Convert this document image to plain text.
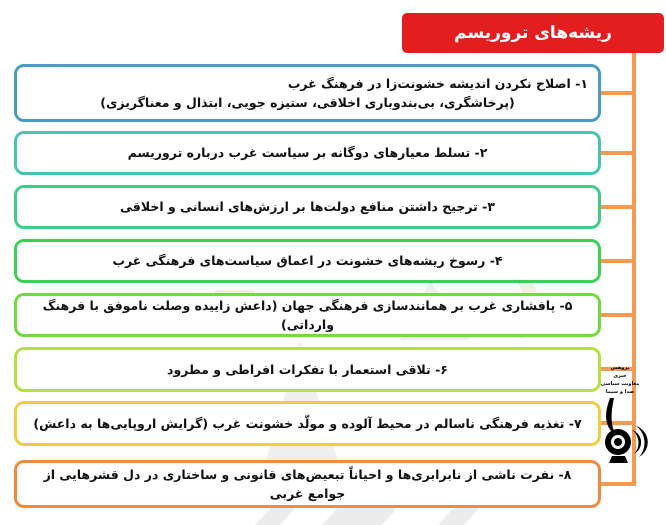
ریشه‌های تروریسم
۱- اصلاح نکردن اندیشه خشونت‌زا در فرهنگ غرب
(پرخاشگری، بی‌بندوباری اخلاقی، ستیزه جویی، ابتذال و معناگریزی)
۲- تسلط معیارهای دوگانه بر سیاست غرب درباره تروریسم
۳- ترجیح داشتن منافع دولت‌ها بر ارزش‌های انسانی و اخلاقی
۴- رسوخ ریشه‌های خشونت در اعماق سیاست‌های فرهنگی غرب
۵- پافشاری غرب بر همانندسازی فرهنگی جهان (داعش زاییده وصلت ناموفق با فرهنگ وارداتی)
۶- تلاقی استعمار با تفکرات افراطی و مطرود
۷- تغذیه فرهنگی ناسالم در محیط آلوده و مولّد خشونت غرب (گرایش اروپایی‌ها به داعش)
۸- نفرت ناشی از نابرابری‌ها و احیاناً تبعیض‌های قانونی و ساختاری در دل قشرهایی از جوامع غربی
پژوهش
خبری
معاونت سیاسی
صدا و سیما
